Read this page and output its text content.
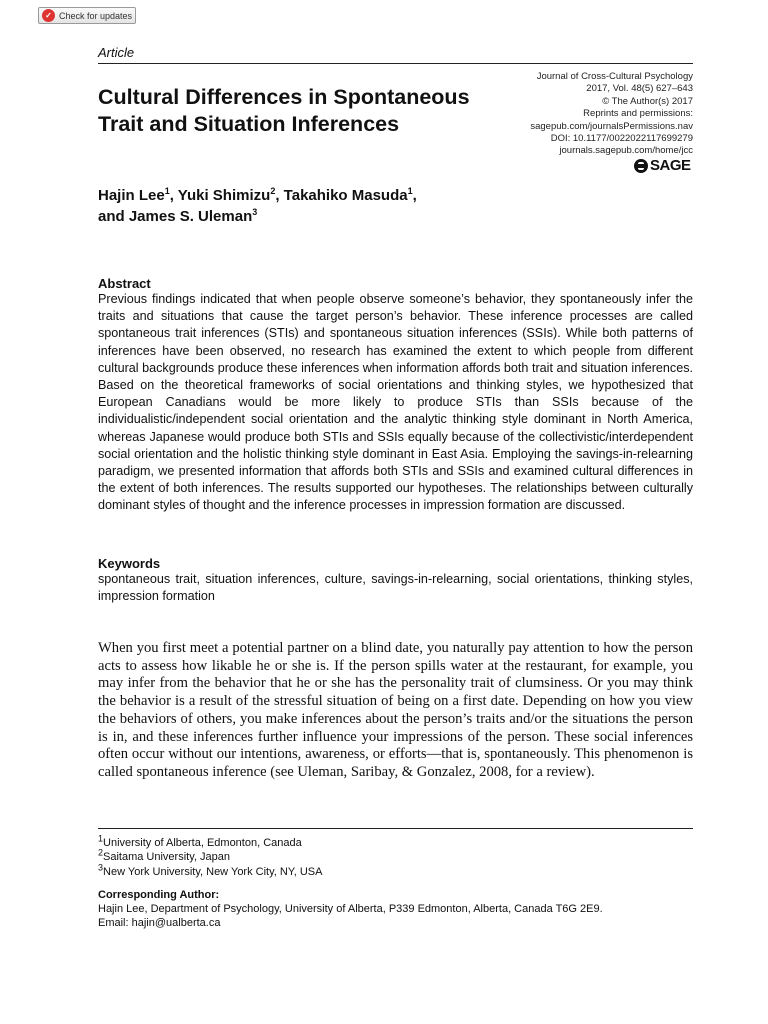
✓ Check for updates
Article
Cultural Differences in Spontaneous
Trait and Situation Inferences
Journal of Cross-Cultural Psychology
2017, Vol. 48(5) 627–643
© The Author(s) 2017
Reprints and permissions:
sagepub.com/journalsPermissions.nav
DOI: 10.1177/0022022117699279
journals.sagepub.com/home/jcc
SAGE
Hajin Lee$^1$, Yuki Shimizu$^2$, Takahiko Masuda$^1$,
and James S. Uleman$^3$
Abstract

Previous findings indicated that when people observe someone’s behavior, they spontaneously infer the traits and situations that cause the target person’s behavior. These inference processes are called spontaneous trait inferences (STIs) and spontaneous situation inferences (SSIs). While both patterns of inferences have been observed, no research has examined the extent to which people from different cultural backgrounds produce these inferences when information affords both trait and situation inferences. Based on the theoretical frameworks of social orientations and thinking styles, we hypothesized that European Canadians would be more likely to produce STIs than SSIs because of the individualistic/independent social orientation and the analytic thinking style dominant in North America, whereas Japanese would produce both STIs and SSIs equally because of the collectivistic/interdependent social orientation and the holistic thinking style dominant in East Asia. Employing the savings-in-relearning paradigm, we presented information that affords both STIs and SSIs and examined cultural differences in the extent of both inferences. The results supported our hypotheses. The relationships between culturally dominant styles of thought and the inference processes in impression formation are discussed.

Keywords

spontaneous trait, situation inferences, culture, savings-in-relearning, social orientations, thinking styles, impression formation

When you first meet a potential partner on a blind date, you naturally pay attention to how the person acts to assess how likable he or she is. If the person spills water at the restaurant, for example, you may infer from the behavior that he or she has the personality trait of clumsiness. Or you may think the behavior is a result of the stressful situation of being on a first date. Depending on how you view the behaviors of others, you make inferences about the person’s traits and/or the situations the person is in, and these inferences further influence your impressions of the person. These social inferences often occur without our intentions, awareness, or efforts—that is, spontaneously. This phenomenon is called spontaneous inference (see Uleman, Saribay, & Gonzalez, 2008, for a review).

$^1$University of Alberta, Edmonton, Canada
$^2$Saitama University, Japan
$^3$New York University, New York City, NY, USA
Corresponding Author:
Hajin Lee, Department of Psychology, University of Alberta, P339 Edmonton, Alberta, Canada T6G 2E9.
Email: hajin@ualberta.ca
